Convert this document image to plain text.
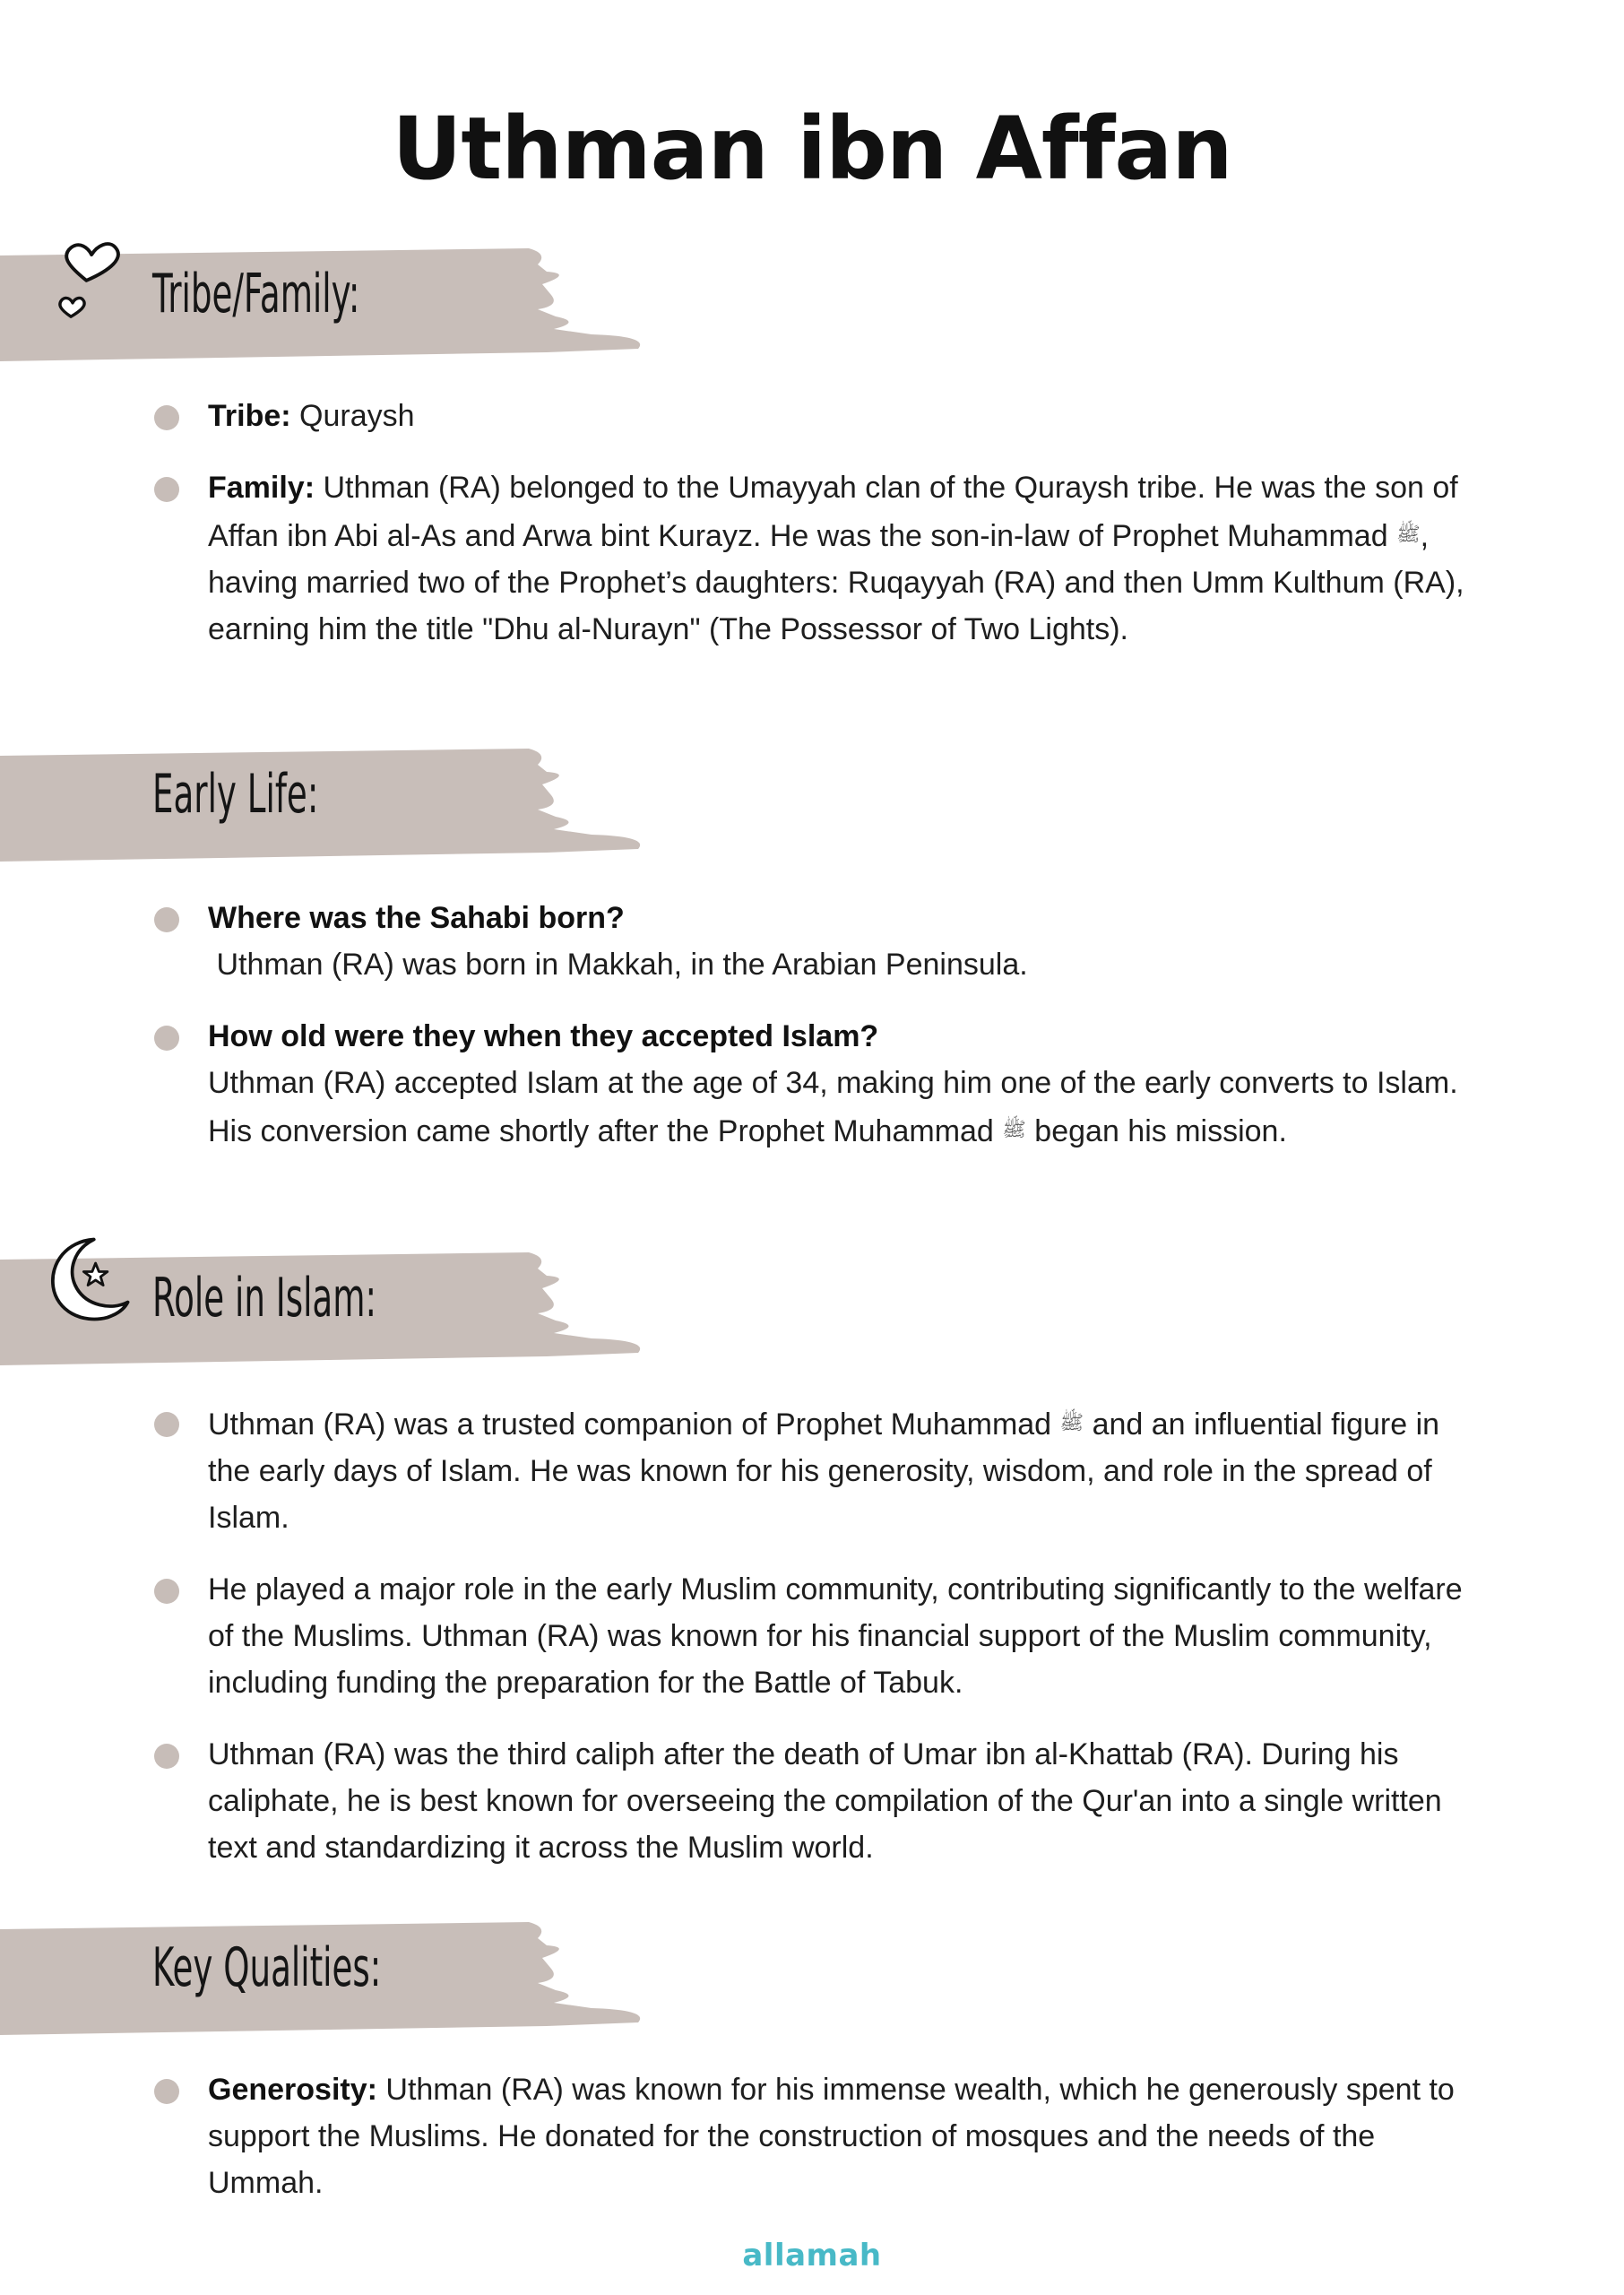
Uthman ibn Affan
Tribe/Family:
Tribe: Quraysh
Family: Uthman (RA) belonged to the Umayyah clan of the Quraysh tribe. He was the son of Affan ibn Abi al-As and Arwa bint Kurayz. He was the son-in-law of Prophet Muhammad ﷺ, having married two of the Prophet’s daughters: Ruqayyah (RA) and then Umm Kulthum (RA), earning him the title "Dhu al-Nurayn" (The Possessor of Two Lights).
Early Life:
Where was the Sahabi born?
Uthman (RA) was born in Makkah, in the Arabian Peninsula.
How old were they when they accepted Islam?
Uthman (RA) accepted Islam at the age of 34, making him one of the early converts to Islam. His conversion came shortly after the Prophet Muhammad ﷺ began his mission.
Role in Islam:
Uthman (RA) was a trusted companion of Prophet Muhammad ﷺ and an influential figure in the early days of Islam. He was known for his generosity, wisdom, and role in the spread of Islam.
He played a major role in the early Muslim community, contributing significantly to the welfare of the Muslims. Uthman (RA) was known for his financial support of the Muslim community, including funding the preparation for the Battle of Tabuk.
Uthman (RA) was the third caliph after the death of Umar ibn al-Khattab (RA). During his caliphate, he is best known for overseeing the compilation of the Qur'an into a single written text and standardizing it across the Muslim world.
Key Qualities:
Generosity: Uthman (RA) was known for his immense wealth, which he generously spent to support the Muslims. He donated for the construction of mosques and the needs of the Ummah.
allamah
